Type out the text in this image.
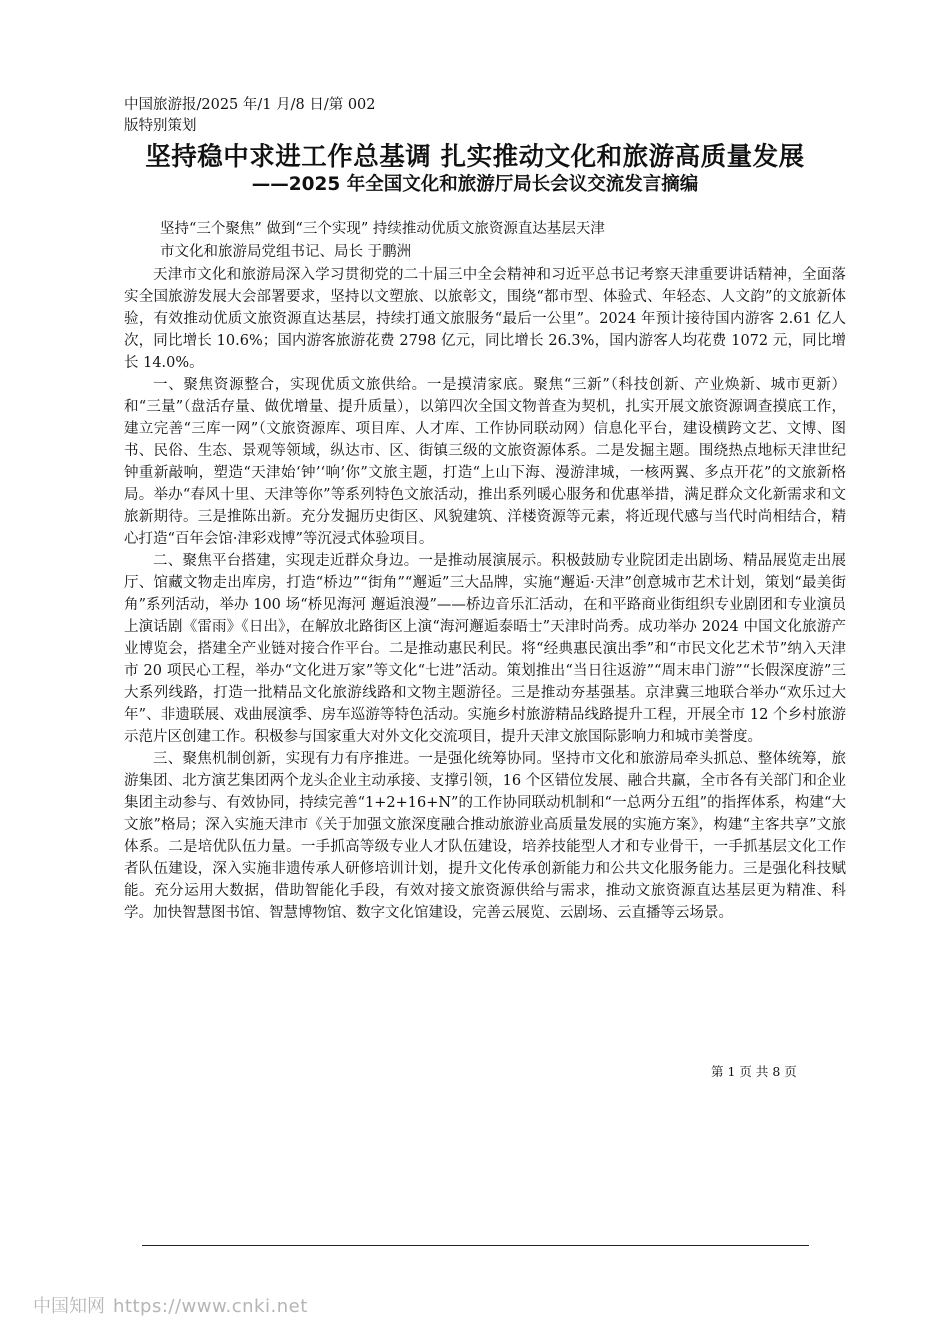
中国旅游报/2025 年/1 月/8 日/第 002
版特别策划
坚持稳中求进工作总基调 扎实推动文化和旅游高质量发展
——2025 年全国文化和旅游厅局长会议交流发言摘编
坚持“三个聚焦” 做到“三个实现” 持续推动优质文旅资源直达基层天津
市文化和旅游局党组书记、局长 于鹏洲

天津市文化和旅游局深入学习贯彻党的二十届三中全会精神和习近平总书记考察天津重要讲话精神，全面落实全国旅游发展大会部署要求，坚持以文塑旅、以旅彰文，围绕“都市型、体验式、年轻态、人文韵”的文旅新体验，有效推动优质文旅资源直达基层，持续打通文旅服务“最后一公里”。2024 年预计接待国内游客 2.61 亿人次，同比增长 10.6%；国内游客旅游花费 2798 亿元，同比增长 26.3%，国内游客人均花费 1072 元，同比增长 14.0%。

一、聚焦资源整合，实现优质文旅供给。一是摸清家底。聚焦“三新”（科技创新、产业焕新、城市更新）和“三量”（盘活存量、做优增量、提升质量），以第四次全国文物普查为契机，扎实开展文旅资源调查摸底工作，建立完善“三库一网”（文旅资源库、项目库、人才库、工作协同联动网）信息化平台，建设横跨文艺、文博、图书、民俗、生态、景观等领域，纵达市、区、街镇三级的文旅资源体系。二是发掘主题。围绕热点地标天津世纪钟重新敲响，塑造“天津始‘钟’‘响’你”文旅主题，打造“上山下海、漫游津城，一核两翼、多点开花”的文旅新格局。举办“春风十里、天津等你”等系列特色文旅活动，推出系列暖心服务和优惠举措，满足群众文化新需求和文旅新期待。三是推陈出新。充分发掘历史街区、风貌建筑、洋楼资源等元素，将近现代感与当代时尚相结合，精心打造“百年会馆·津彩戏博”等沉浸式体验项目。

二、聚焦平台搭建，实现走近群众身边。一是推动展演展示。积极鼓励专业院团走出剧场、精品展览走出展厅、馆藏文物走出库房，打造“桥边”“街角”“邂逅”三大品牌，实施“邂逅·天津”创意城市艺术计划，策划“最美街角”系列活动，举办 100 场“桥见海河 邂逅浪漫”——桥边音乐汇活动，在和平路商业街组织专业剧团和专业演员上演话剧《雷雨》《日出》，在解放北路街区上演“海河邂逅泰晤士”天津时尚秀。成功举办 2024 中国文化旅游产业博览会，搭建全产业链对接合作平台。二是推动惠民利民。将“经典惠民演出季”和“市民文化艺术节”纳入天津市 20 项民心工程，举办“文化进万家”等文化“七进”活动。策划推出“当日往返游”“周末串门游”“长假深度游”三大系列线路，打造一批精品文化旅游线路和文物主题游径。三是推动夯基强基。京津冀三地联合举办“欢乐过大年”、非遗联展、戏曲展演季、房车巡游等特色活动。实施乡村旅游精品线路提升工程，开展全市 12 个乡村旅游示范片区创建工作。积极参与国家重大对外文化交流项目，提升天津文旅国际影响力和城市美誉度。

三、聚焦机制创新，实现有力有序推进。一是强化统筹协同。坚持市文化和旅游局牵头抓总、整体统筹，旅游集团、北方演艺集团两个龙头企业主动承接、支撑引领，16 个区错位发展、融合共赢，全市各有关部门和企业集团主动参与、有效协同，持续完善“1+2+16+N”的工作协同联动机制和“一总两分五组”的指挥体系，构建“大文旅”格局；深入实施天津市《关于加强文旅深度融合推动旅游业高质量发展的实施方案》，构建“主客共享”文旅体系。二是培优队伍力量。一手抓高等级专业人才队伍建设，培养技能型人才和专业骨干，一手抓基层文化工作者队伍建设，深入实施非遗传承人研修培训计划，提升文化传承创新能力和公共文化服务能力。三是强化科技赋能。充分运用大数据，借助智能化手段，有效对接文旅资源供给与需求，推动文旅资源直达基层更为精准、科学。加快智慧图书馆、智慧博物馆、数字文化馆建设，完善云展览、云剧场、云直播等云场景。

第 1 页 共 8 页
中国知网 https://www.cnki.net
